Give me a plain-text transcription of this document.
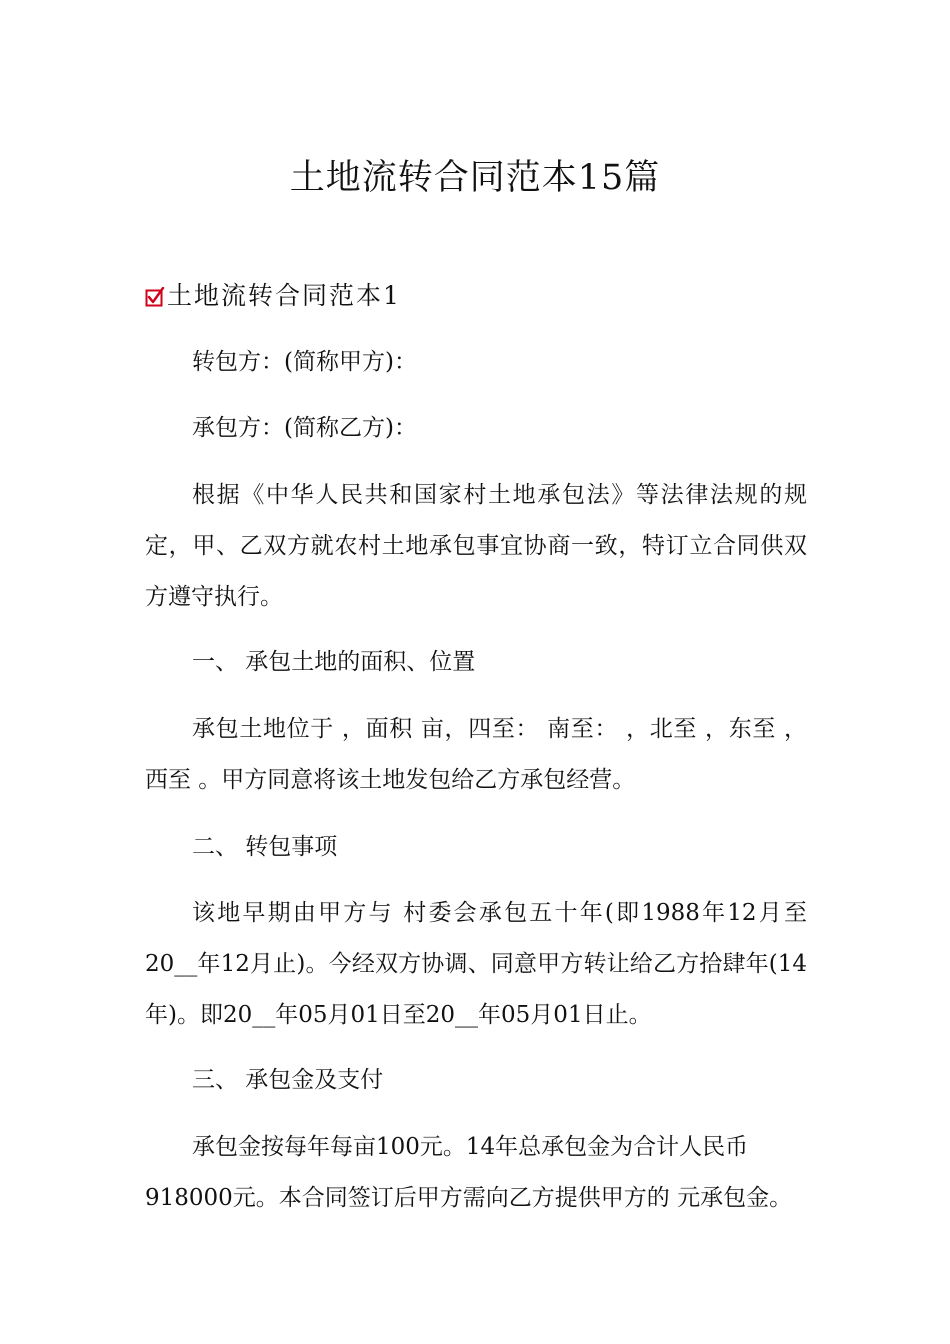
土地流转合同范本15篇
土地流转合同范本1

转包方：(简称甲方)：

承包方：(简称乙方)：

根据《中华人民共和国家村土地承包法》等法律法规的规定，甲、乙双方就农村土地承包事宜协商一致，特订立合同供双方遵守执行。

一、 承包土地的面积、位置

承包土地位于 ，面积 亩，四至： 南至： ，北至 ，东至 ，西至 。甲方同意将该土地发包给乙方承包经营。

二、 转包事项

该地早期由甲方与 村委会承包五十年(即1988年12月至20__年12月止)。今经双方协调、同意甲方转让给乙方拾肆年(14年)。即20__年05月01日至20__年05月01日止。

三、 承包金及支付

承包金按每年每亩100元。14年总承包金为合计人民币
918000元。本合同签订后甲方需向乙方提供甲方的 元承包金。
